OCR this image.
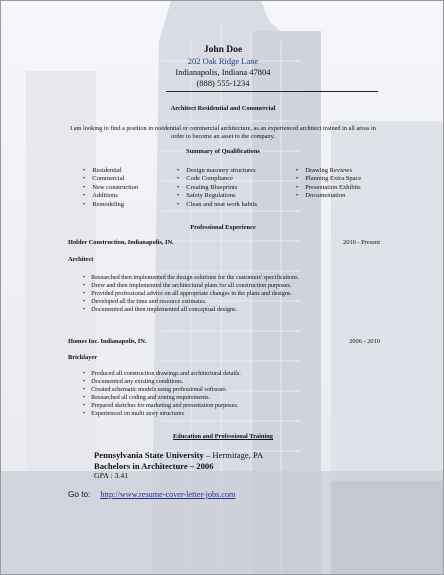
John Doe
202 Oak Ridge Lane
Indianapolis, Indiana 47804
(888) 555-1234
Architect Residential and Commercial
I am looking to find a position in residential or commercial architecture, as an experienced architect trained in all areas in order to become an asset to the company.
Summary of Qualifications
• Residential
• Commercial
• New construction
• Additions
• Remodeling
• Design masonry structures
• Code Compliance
• Creating Blueprints
• Safety Regulations
• Clean and neat work habits
• Drawing Reviews
• Planning Extra Space
• Presentation Exhibits
• Documentation
Professional Experience
Holder Construction, Indianapolis, IN.	2010 - Present
Architect
• Researched then implemented the design solutions for the customers' specifications.
• Drew and then implemented the architectural plans for all construction purposes.
• Provided professional advice on all appropriate changes in the plans and designs.
• Developed all the time and resource estimates.
• Documented and then implemented all conceptual designs.
Homes Inc. Indianapolis, IN.	2006 - 2010
Bricklayer
• Produced all construction drawings and architectural details.
• Documented any existing conditions.
• Created schematic models using professional software.
• Researched all coding and zoning requirements.
• Prepared sketches for marketing and presentation purposes.
• Experienced on multi story structures
Education and Professional Training
Pennsylvania State University – Hermitage, PA
Bachelors in Architecture – 2006
GPA : 3.41
Go to: http://www.resume-cover-letter-jobs.com
